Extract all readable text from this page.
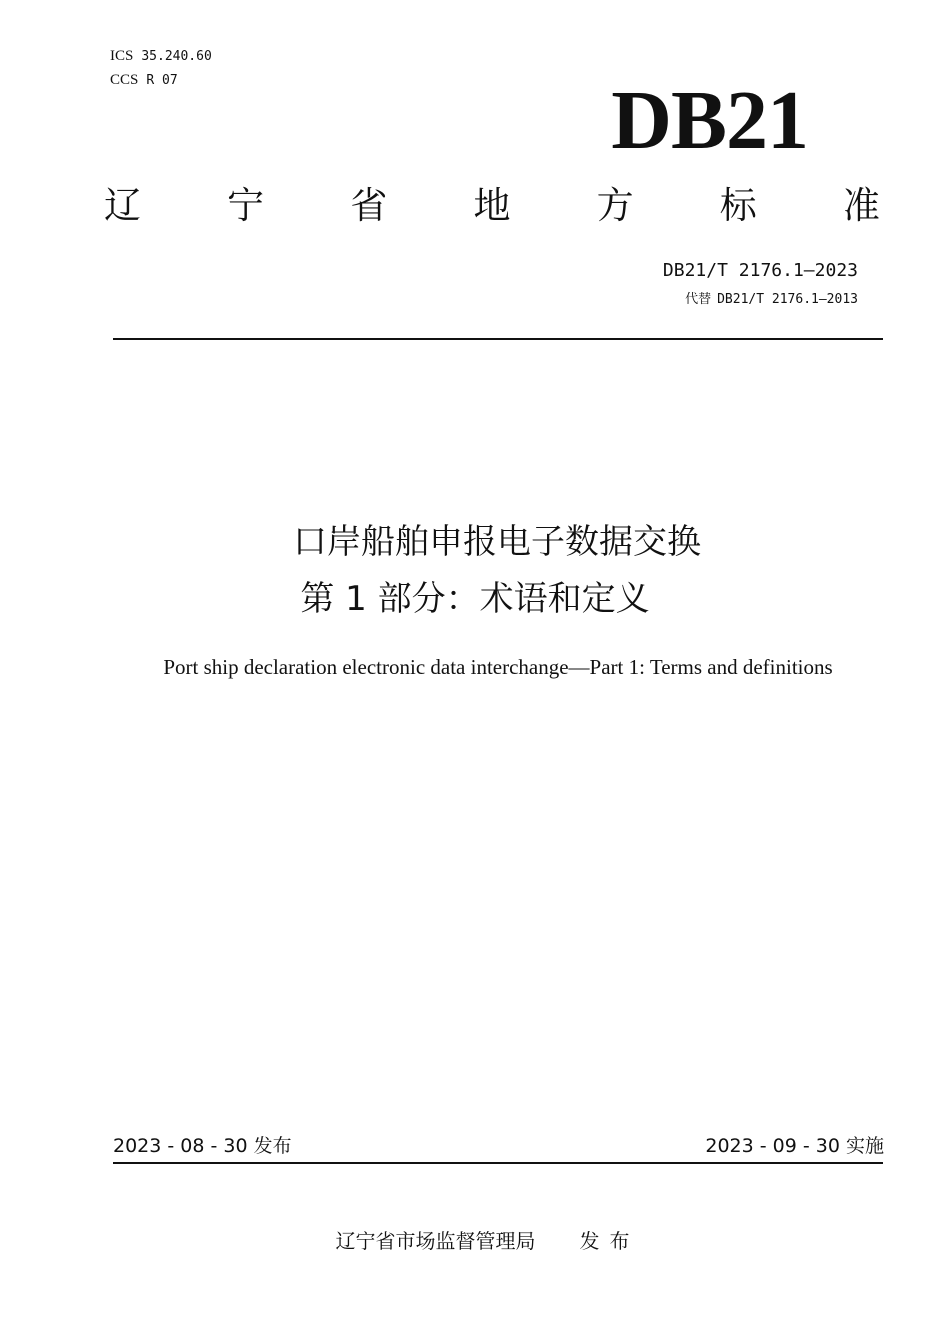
ICS 35.240.60
CCS R 07	DB21
辽 宁 省 地 方 标 准
DB21/T 2176.1—2023
代替 DB21/T 2176.1—2013
口岸船舶申报电子数据交换
第 1 部分：术语和定义
Port ship declaration electronic data interchange—Part 1: Terms and definitions
2023 - 08 - 30 发布	2023 - 09 - 30 实施
辽宁省市场监督管理局 发布
